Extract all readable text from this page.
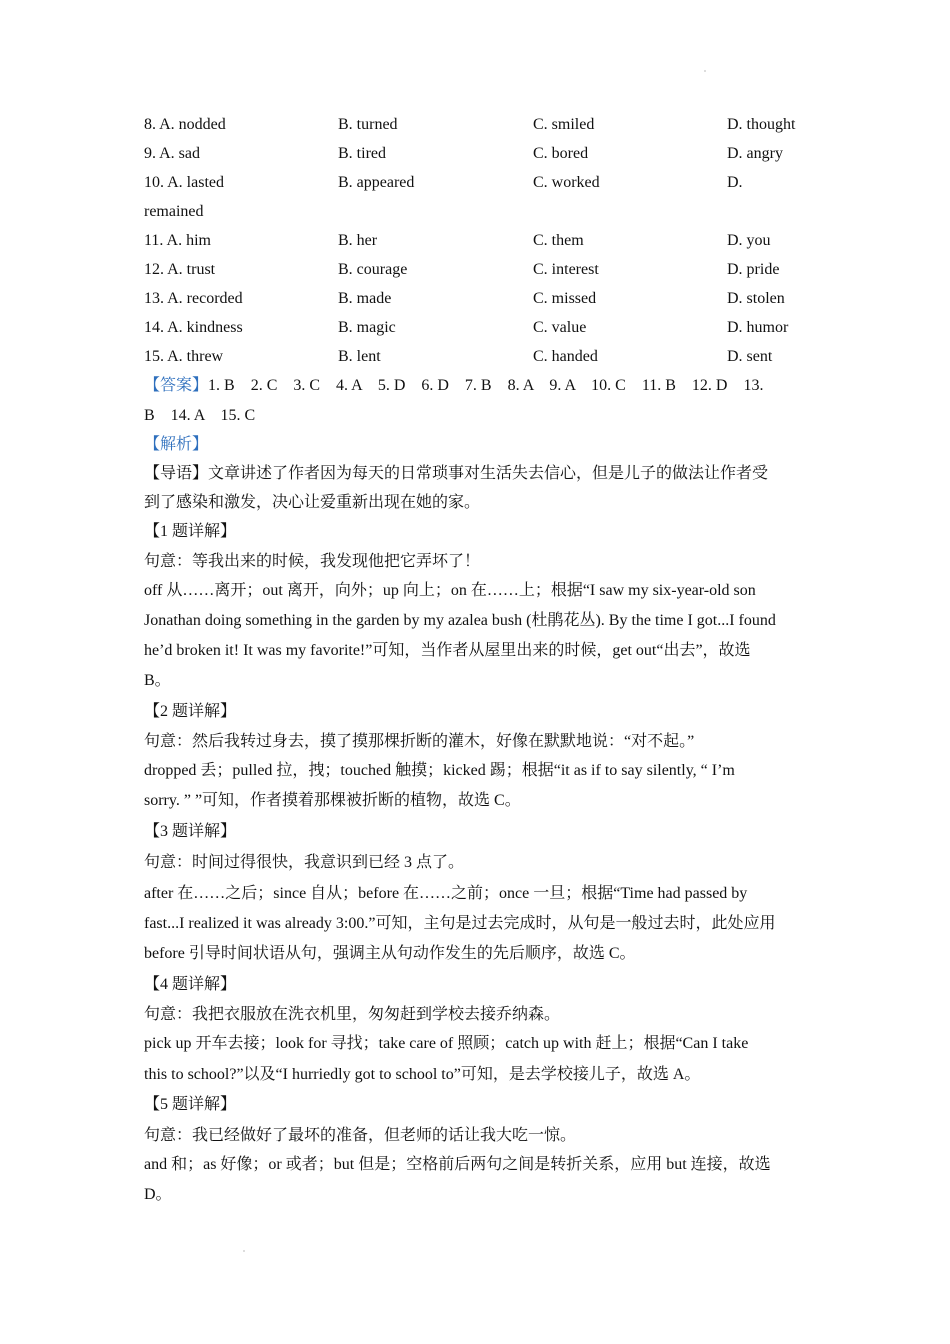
8. A. nodded	B. turned	C. smiled	D. thought
9. A. sad	B. tired	C. bored	D. angry
10. A. lasted	B. appeared	C. worked	D.
remained
11. A. him	B. her	C. them	D. you
12. A. trust	B. courage	C. interest	D. pride
13. A. recorded	B. made	C. missed	D. stolen
14. A. kindness	B. magic	C. value	D. humor
15. A. threw	B. lent	C. handed	D. sent
【答案】1. B    2. C    3. C    4. A    5. D    6. D    7. B    8. A    9. A    10. C    11. B    12. D    13.
B    14. A    15. C
【解析】
【导语】文章讲述了作者因为每天的日常琐事对生活失去信心，但是儿子的做法让作者受
到了感染和激发，决心让爱重新出现在她的家。
【1 题详解】
句意：等我出来的时候，我发现他把它弄坏了！
off 从……离开；out 离开，向外；up 向上；on 在……上；根据“I saw my six-year-old son
Jonathan doing something in the garden by my azalea bush (杜鹃花丛). By the time I got...I found
he’d broken it! It was my favorite!”可知，当作者从屋里出来的时候，get out“出去”，故选
B。
【2 题详解】
句意：然后我转过身去，摸了摸那棵折断的灌木，好像在默默地说：“对不起。”
dropped 丢；pulled 拉，拽；touched 触摸；kicked 踢；根据“it as if to say silently, “ I’m
sorry. ” ”可知，作者摸着那棵被折断的植物，故选 C。
【3 题详解】
句意：时间过得很快，我意识到已经 3 点了。
after 在……之后；since 自从；before 在……之前；once 一旦；根据“Time had passed by
fast...I realized it was already 3:00.”可知，主句是过去完成时，从句是一般过去时，此处应用
before 引导时间状语从句，强调主从句动作发生的先后顺序，故选 C。
【4 题详解】
句意：我把衣服放在洗衣机里，匆匆赶到学校去接乔纳森。
pick up 开车去接；look for 寻找；take care of 照顾；catch up with 赶上；根据“Can I take
this to school?”以及“I hurriedly got to school to”可知，是去学校接儿子，故选 A。
【5 题详解】
句意：我已经做好了最坏的准备，但老师的话让我大吃一惊。
and 和；as 好像；or 或者；but 但是；空格前后两句之间是转折关系，应用 but 连接，故选
D。
